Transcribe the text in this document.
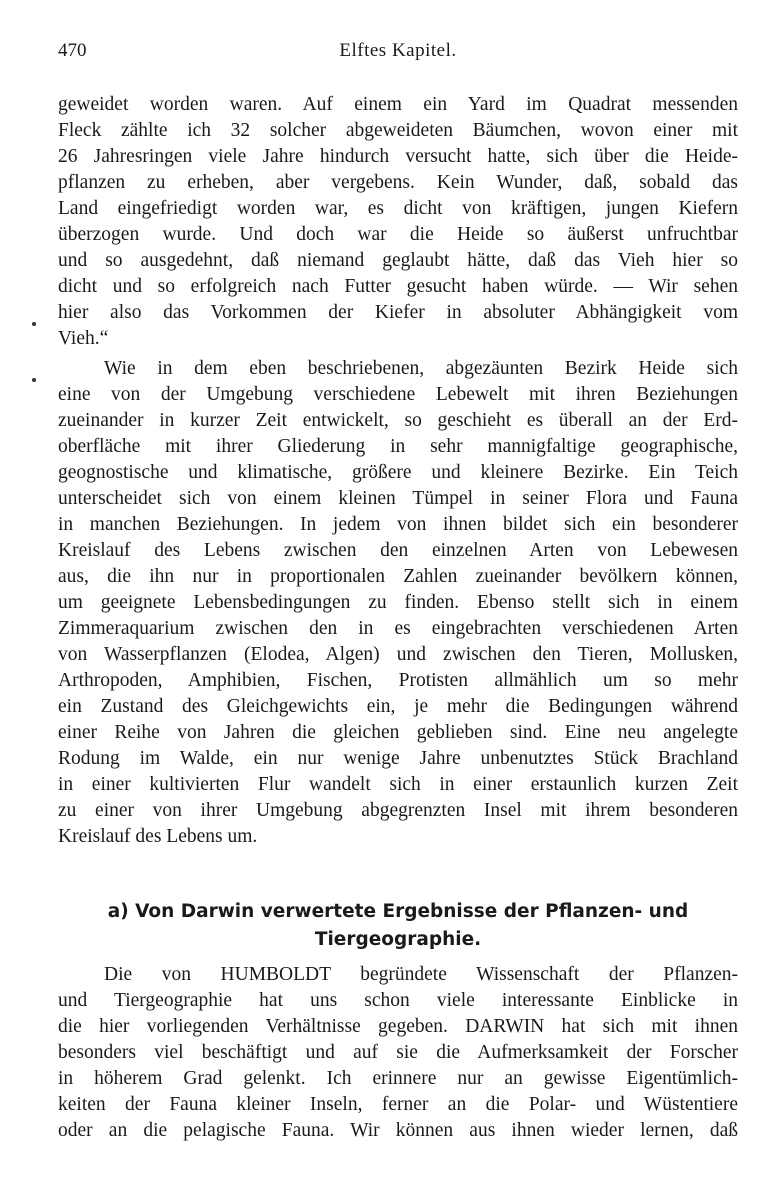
470	Elftes Kapitel.
geweidet worden waren. Auf einem ein Yard im Quadrat messenden
Fleck zählte ich 32 solcher abgeweideten Bäumchen, wovon einer mit
26 Jahresringen viele Jahre hindurch versucht hatte, sich über die Heide-
pflanzen zu erheben, aber vergebens. Kein Wunder, daß, sobald das
Land eingefriedigt worden war, es dicht von kräftigen, jungen Kiefern
überzogen wurde. Und doch war die Heide so äußerst unfruchtbar
und so ausgedehnt, daß niemand geglaubt hätte, daß das Vieh hier so
dicht und so erfolgreich nach Futter gesucht haben würde. — Wir sehen
hier also das Vorkommen der Kiefer in absoluter Abhängigkeit vom
Vieh.“
Wie in dem eben beschriebenen, abgezäunten Bezirk Heide sich
eine von der Umgebung verschiedene Lebewelt mit ihren Beziehungen
zueinander in kurzer Zeit entwickelt, so geschieht es überall an der Erd-
oberfläche mit ihrer Gliederung in sehr mannigfaltige geographische,
geognostische und klimatische, größere und kleinere Bezirke. Ein Teich
unterscheidet sich von einem kleinen Tümpel in seiner Flora und Fauna
in manchen Beziehungen. In jedem von ihnen bildet sich ein besonderer
Kreislauf des Lebens zwischen den einzelnen Arten von Lebewesen
aus, die ihn nur in proportionalen Zahlen zueinander bevölkern können,
um geeignete Lebensbedingungen zu finden. Ebenso stellt sich in einem
Zimmeraquarium zwischen den in es eingebrachten verschiedenen Arten
von Wasserpflanzen (Elodea, Algen) und zwischen den Tieren, Mollusken,
Arthropoden, Amphibien, Fischen, Protisten allmählich um so mehr
ein Zustand des Gleichgewichts ein, je mehr die Bedingungen während
einer Reihe von Jahren die gleichen geblieben sind. Eine neu angelegte
Rodung im Walde, ein nur wenige Jahre unbenutztes Stück Brachland
in einer kultivierten Flur wandelt sich in einer erstaunlich kurzen Zeit
zu einer von ihrer Umgebung abgegrenzten Insel mit ihrem besonderen
Kreislauf des Lebens um.
a) Von Darwin verwertete Ergebnisse der Pflanzen- und
Tiergeographie.
Die von HUMBOLDT begründete Wissenschaft der Pflanzen-
und Tiergeographie hat uns schon viele interessante Einblicke in
die hier vorliegenden Verhältnisse gegeben. DARWIN hat sich mit ihnen
besonders viel beschäftigt und auf sie die Aufmerksamkeit der Forscher
in höherem Grad gelenkt. Ich erinnere nur an gewisse Eigentümlich-
keiten der Fauna kleiner Inseln, ferner an die Polar- und Wüstentiere
oder an die pelagische Fauna. Wir können aus ihnen wieder lernen, daß
